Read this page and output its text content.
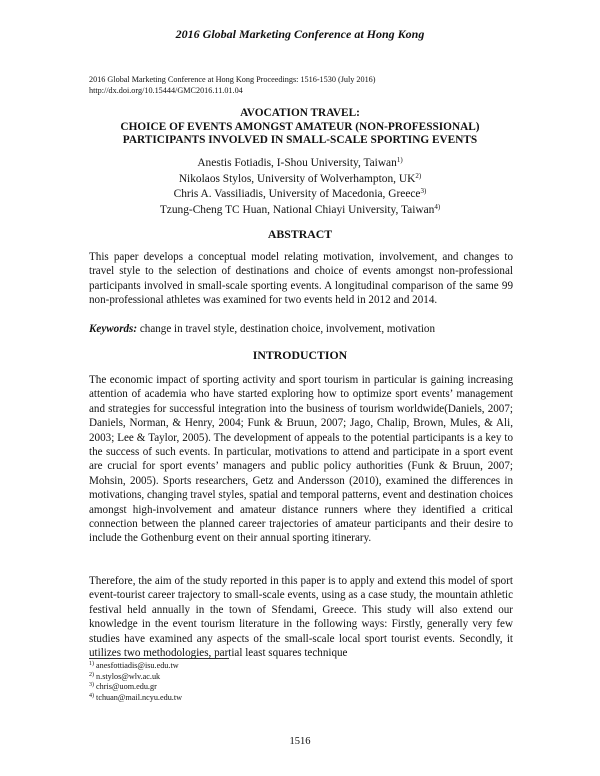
2016 Global Marketing Conference at Hong Kong
2016 Global Marketing Conference at Hong Kong Proceedings: 1516-1530 (July 2016)
http://dx.doi.org/10.15444/GMC2016.11.01.04
AVOCATION TRAVEL:
CHOICE OF EVENTS AMONGST AMATEUR (NON-PROFESSIONAL)
PARTICIPANTS INVOLVED IN SMALL-SCALE SPORTING EVENTS
Anestis Fotiadis, I-Shou University, Taiwan$^{1)}$
Nikolaos Stylos, University of Wolverhampton, UK$^{2)}$
Chris A. Vassiliadis, University of Macedonia, Greece$^{3)}$
Tzung-Cheng TC Huan, National Chiayi University, Taiwan$^{4)}$
ABSTRACT
This paper develops a conceptual model relating motivation, involvement, and changes to travel style to the selection of destinations and choice of events amongst non-professional participants involved in small-scale sporting events. A longitudinal comparison of the same 99 non-professional athletes was examined for two events held in 2012 and 2014.
Keywords: change in travel style, destination choice, involvement, motivation
INTRODUCTION
The economic impact of sporting activity and sport tourism in particular is gaining increasing attention of academia who have started exploring how to optimize sport events’ management and strategies for successful integration into the business of tourism worldwide(Daniels, 2007; Daniels, Norman, & Henry, 2004; Funk & Bruun, 2007; Jago, Chalip, Brown, Mules, & Ali, 2003; Lee & Taylor, 2005). The development of appeals to the potential participants is a key to the success of such events. In particular, motivations to attend and participate in a sport event are crucial for sport events’ managers and public policy authorities (Funk & Bruun, 2007; Mohsin, 2005). Sports researchers, Getz and Andersson (2010), examined the differences in motivations, changing travel styles, spatial and temporal patterns, event and destination choices amongst high-involvement and amateur distance runners where they identified a critical connection between the planned career trajectories of amateur participants and their desire to include the Gothenburg event on their annual sporting itinerary.
Therefore, the aim of the study reported in this paper is to apply and extend this model of sport event-tourist career trajectory to small-scale events, using as a case study, the mountain athletic festival held annually in the town of Sfendami, Greece. This study will also extend our knowledge in the event tourism literature in the following ways: Firstly, generally very few studies have examined any aspects of the small-scale local sport tourist events. Secondly, it utilizes two methodologies, partial least squares technique
$^{1)}$ anesfottiadis@isu.edu.tw
$^{2)}$ n.stylos@wlv.ac.uk
$^{3)}$ chris@uom.edu.gr
$^{4)}$ tchuan@mail.ncyu.edu.tw
1516
